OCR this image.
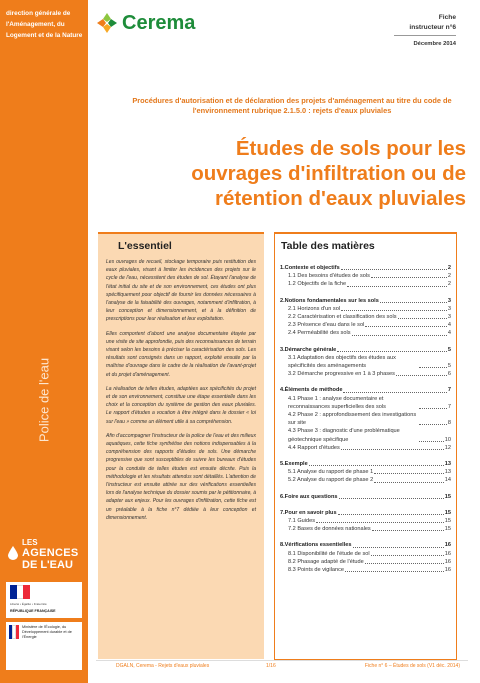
direction générale de l'Aménagement, du Logement et de la Nature
Police de l'eau
LES
AGENCES
DE L'EAU
Liberté • Égalité • Fraternité
RÉPUBLIQUE FRANÇAISE
Ministère de l'Écologie, du Développement durable et de l'Énergie
Cerema	Fiche
instructeur n°6
Décembre 2014
Procédures d'autorisation et de déclaration des projets d'aménagement au titre du code de l'environnement rubrique 2.1.5.0 : rejets d'eaux pluviales
Études de sols pour les ouvrages d'infiltration ou de rétention d'eaux pluviales
L'essentiel

Les ouvrages de recueil, stockage temporaire puis restitution des eaux pluviales, visant à limiter les incidences des projets sur le cycle de l'eau, nécessitent des études de sol. Étayant l'analyse de l'état initial du site et de son environnement, ces études ont plus spécifiquement pour objectif de fournir les données nécessaires à l'analyse de la faisabilité des ouvrages, notamment d'infiltration, à leur conception et dimensionnement, et à la définition de prescriptions pour leur réalisation et leur exploitation.

Elles comportent d'abord une analyse documentaire étayée par une visite de site approfondie, puis des reconnaissances de terrain visant selon les besoins à préciser la caractérisation des sols. Les résultats sont consignés dans un rapport, exploité ensuite par la maîtrise d'ouvrage dans le cadre de la réalisation de l'avant-projet et du projet d'aménagement.

La réalisation de telles études, adaptées aux spécificités du projet et de son environnement, constitue une étape essentielle dans les choix et la conception du système de gestion des eaux pluviales. Le rapport d'études a vocation à être intégré dans le dossier « loi sur l'eau » comme un élément utile à sa compréhension.

Afin d'accompagner l'instructeur de la police de l'eau et des milieux aquatiques, cette fiche synthétise des notions indispensables à la compréhension des rapports d'études de sols. Une démarche progressive que sont susceptibles de suivre les bureaux d'études pour la conduite de telles études est ensuite décrite. Puis la méthodologie et les résultats attendus sont détaillés. L'attention de l'instructeur est ensuite attirée sur des vérifications essentielles lors de l'analyse technique du dossier soumis par le pétitionnaire, à adapter aux enjeux. Pour les ouvrages d'infiltration, cette fiche est un préalable à la fiche n°7 dédiée à leur conception et dimensionnement.

Table des matières
1.Contexte et objectifs	2
1.1 Des besoins d'études de sols	2
1.2 Objectifs de la fiche	2
2.Notions fondamentales sur les sols	3
2.1 Horizons d'un sol	3
2.2 Caractérisation et classification des sols	3
2.3 Présence d'eau dans le sol	4
2.4 Perméabilité des sols	4
3.Démarche générale	5
3.1 Adaptation des objectifs des études aux spécificités des aménagements	5
3.2 Démarche progressive en 1 à 3 phases	6
4.Éléments de méthode	7
4.1 Phase 1 : analyse documentaire et reconnaissances superficielles des sols	7
4.2 Phase 2 : approfondissement des investigations sur site	8
4.3 Phase 3 : diagnostic d'une problématique géotechnique spécifique	10
4.4 Rapport d'études	12
5.Exemple	13
5.1 Analyse du rapport de phase 1	13
5.2 Analyse du rapport de phase 2	14
6.Foire aux questions	15
7.Pour en savoir plus	15
7.1 Guides	15
7.2 Bases de données nationales	15
8.Vérifications essentielles	16
8.1 Disponibilité de l'étude de sol	16
8.2 Phasage adapté de l'étude	16
8.3 Points de vigilance	16
DGALN, Cerema - Rejets d'eaux pluviales	1/16	Fiche n° 6 – Études de sols (V1 déc. 2014)
